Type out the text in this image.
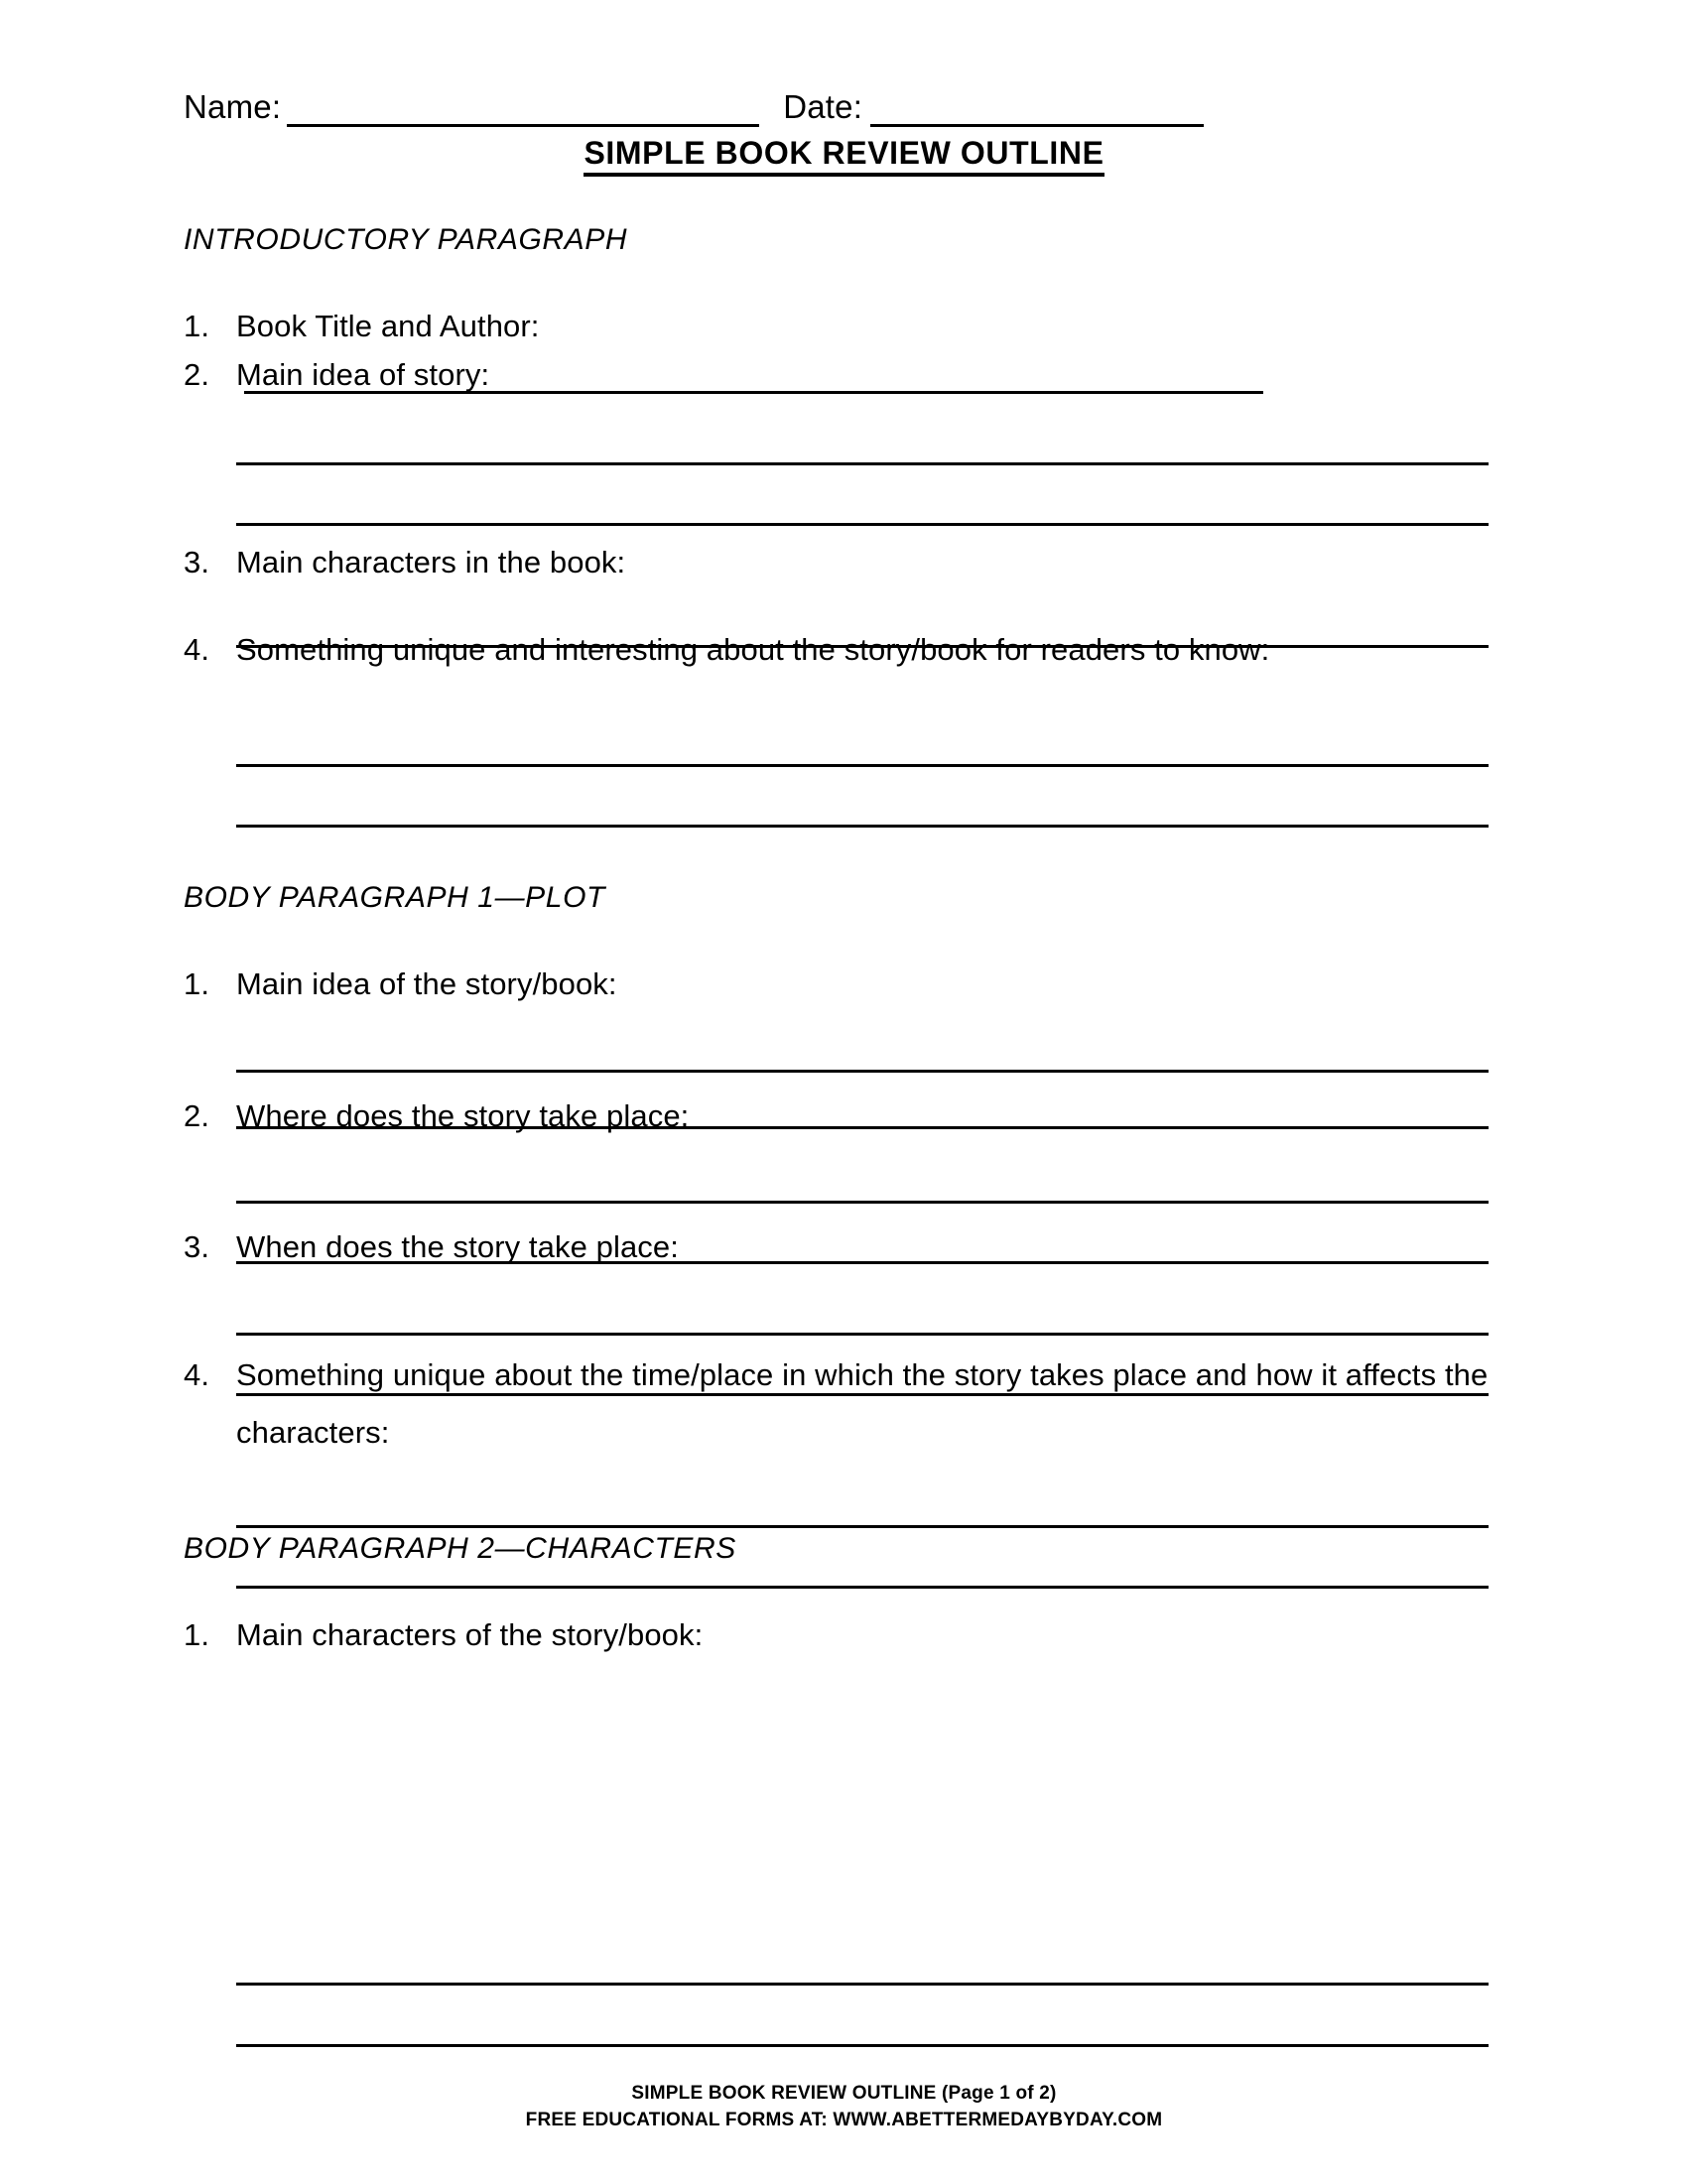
Name:	Date:
SIMPLE BOOK REVIEW OUTLINE
INTRODUCTORY PARAGRAPH
1. Book Title and Author:
2. Main idea of story:
3. Main characters in the book:
4. Something unique and interesting about the story/book for readers to know:
BODY PARAGRAPH 1—PLOT
1. Main idea of the story/book:
2. Where does the story take place:
3. When does the story take place:
4. Something unique about the time/place in which the story takes place and how it affects the characters:
BODY PARAGRAPH 2—CHARACTERS
1. Main characters of the story/book:
SIMPLE BOOK REVIEW OUTLINE (Page 1 of 2)
FREE EDUCATIONAL FORMS AT: WWW.ABETTERMEDAYBYDAY.COM
